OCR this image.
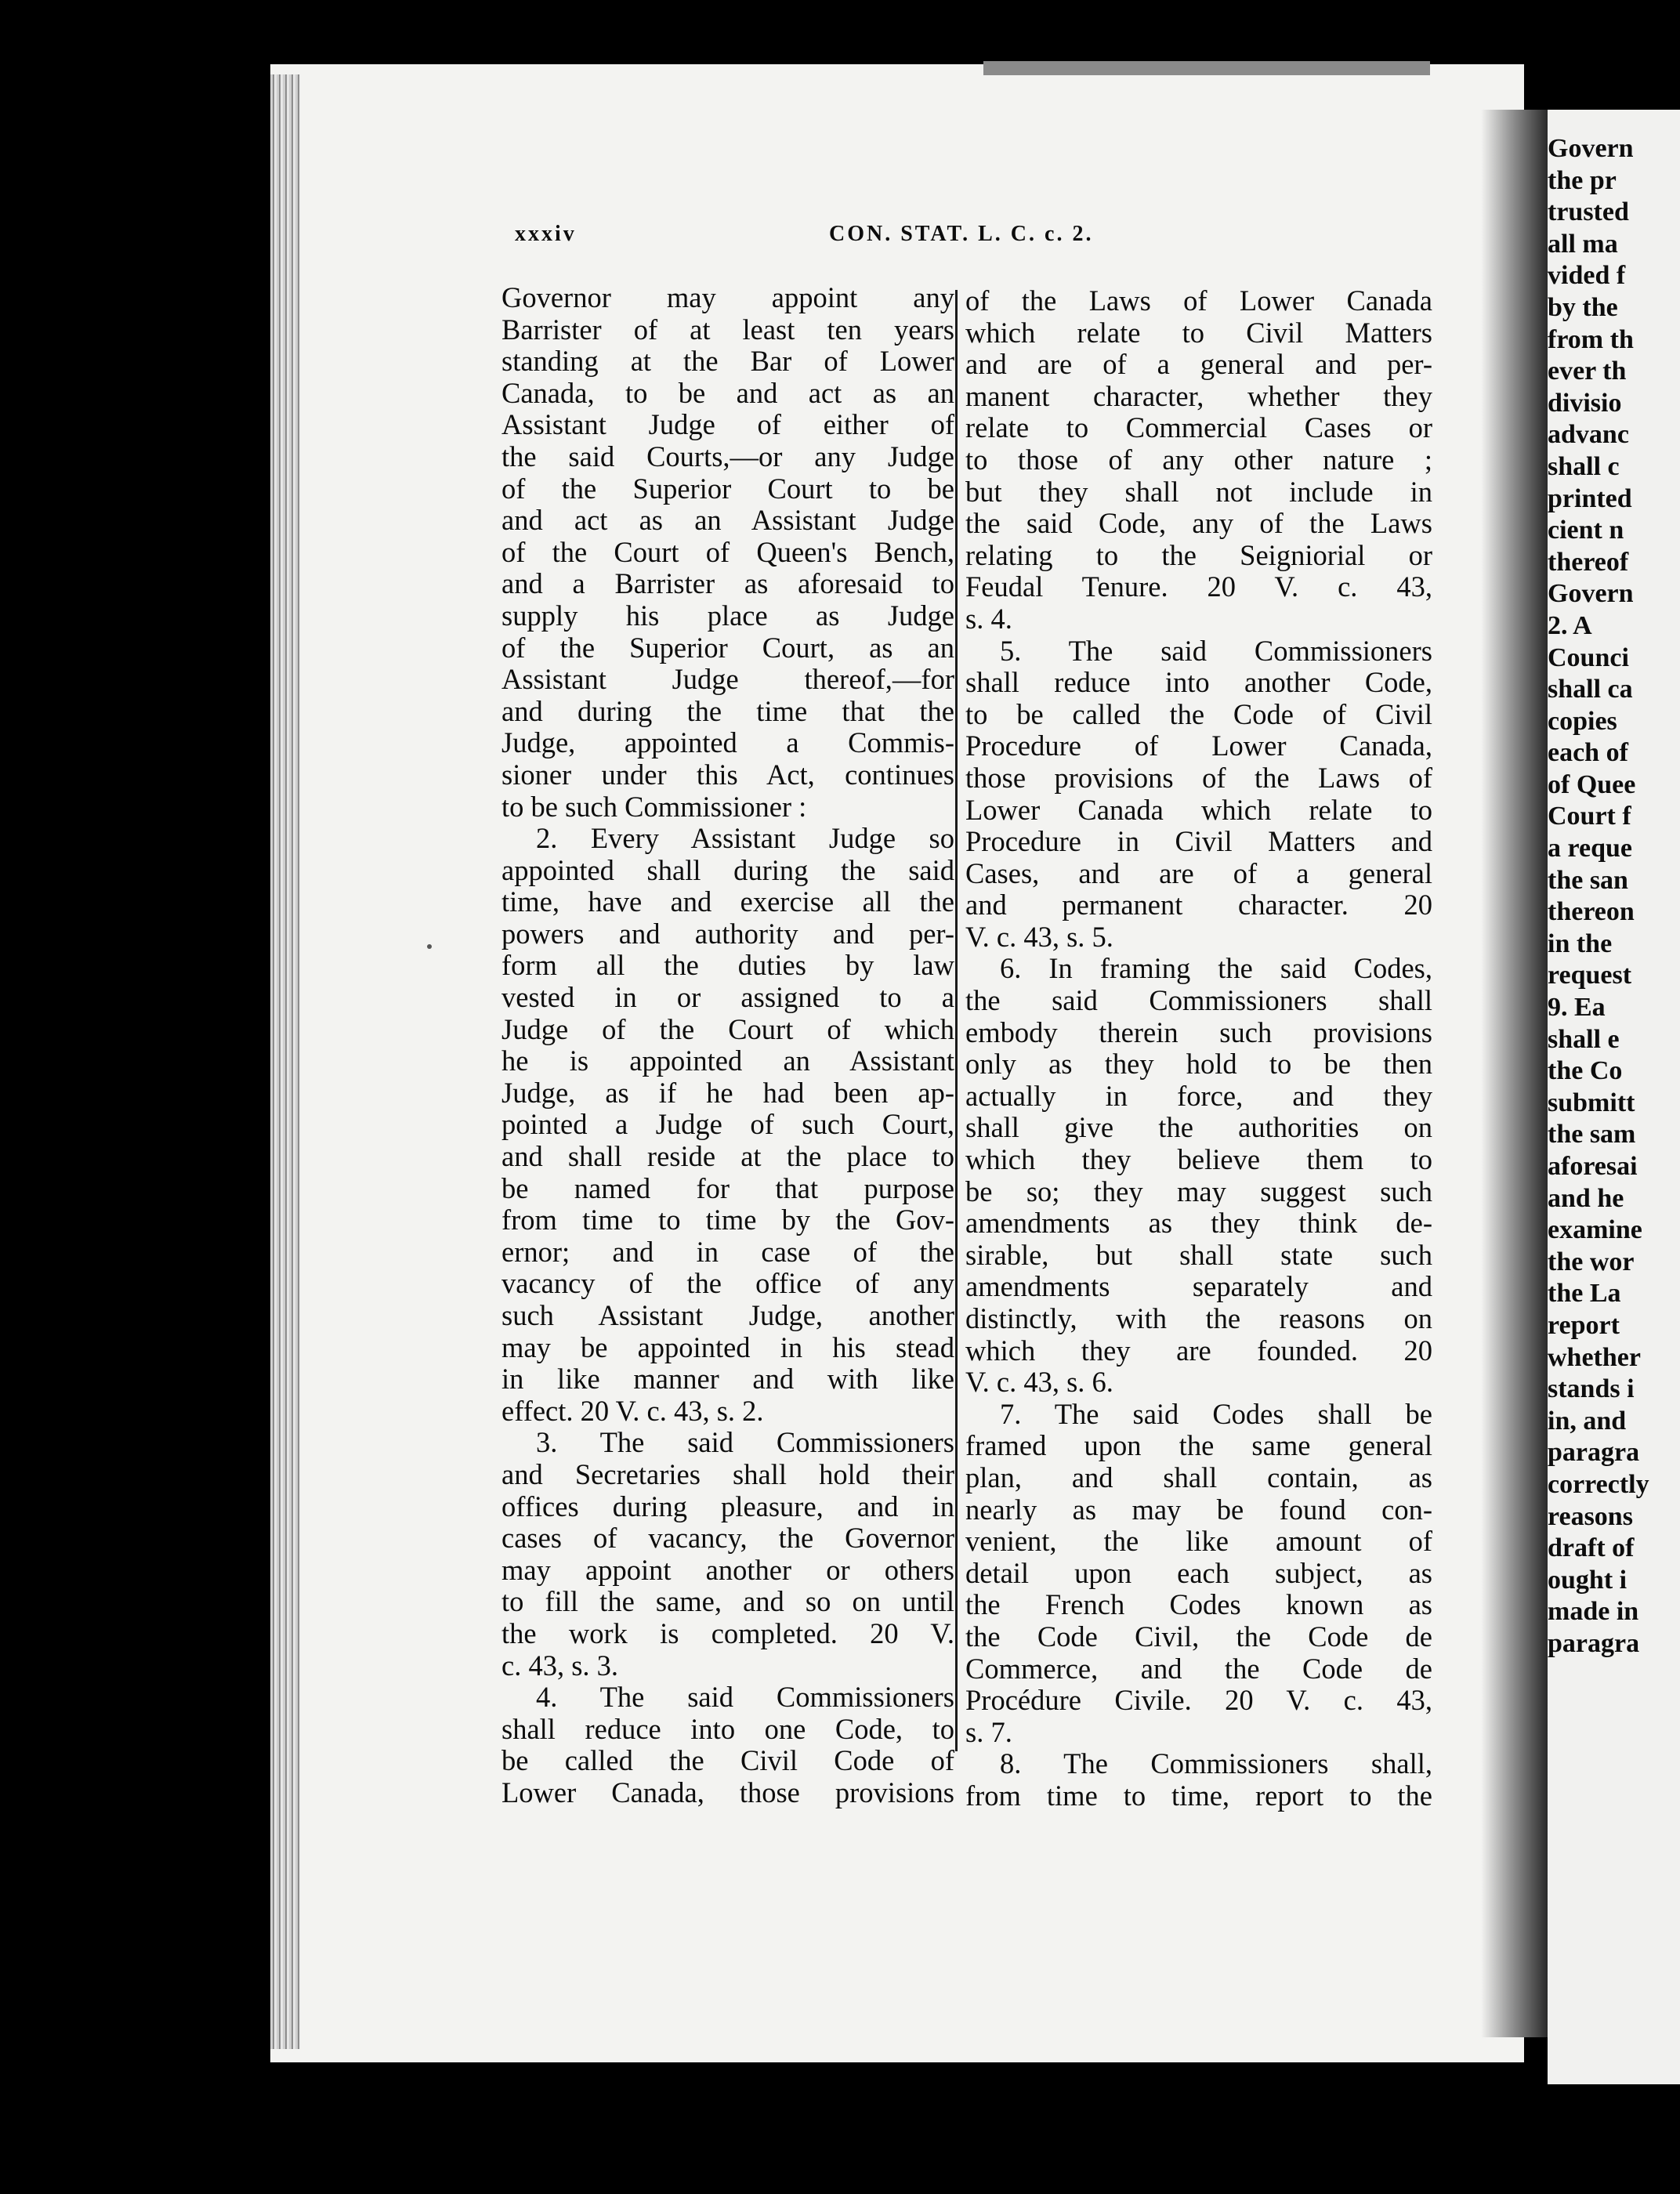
Govern
the pr
trusted
all ma
vided f
by the
from th
ever th
divisio
advanc
shall c
printed
cient n
thereof
Govern
2. A
Counci
shall ca
copies
each of
of Quee
Court f
a reque
the san
thereon
in the
request
9. Ea
shall e
the Co
submitt
the sam
aforesai
and he
examine
the wor
the La
report
whether
stands i
in, and
paragra
correctly
reasons
draft of
ought i
made in
paragra
xxxiv	CON. STAT. L. C. c. 2.
Governor may appoint any
Barrister of at least ten years
standing at the Bar of Lower
Canada, to be and act as an
Assistant Judge of either of
the said Courts,—or any Judge
of the Superior Court to be
and act as an Assistant Judge
of the Court of Queen's Bench,
and a Barrister as aforesaid to
supply his place as Judge
of the Superior Court, as an
Assistant Judge thereof,—for
and during the time that the
Judge, appointed a Commis-
sioner under this Act, continues
to be such Commissioner :
2. Every Assistant Judge so
appointed shall during the said
time, have and exercise all the
powers and authority and per-
form all the duties by law
vested in or assigned to a
Judge of the Court of which
he is appointed an Assistant
Judge, as if he had been ap-
pointed a Judge of such Court,
and shall reside at the place to
be named for that purpose
from time to time by the Gov-
ernor; and in case of the
vacancy of the office of any
such Assistant Judge, another
may be appointed in his stead
in like manner and with like
effect. 20 V. c. 43, s. 2.
3. The said Commissioners
and Secretaries shall hold their
offices during pleasure, and in
cases of vacancy, the Governor
may appoint another or others
to fill the same, and so on until
the work is completed. 20 V.
c. 43, s. 3.
4. The said Commissioners
shall reduce into one Code, to
be called the Civil Code of
Lower Canada, those provisions
of the Laws of Lower Canada
which relate to Civil Matters
and are of a general and per-
manent character, whether they
relate to Commercial Cases or
to those of any other nature ;
but they shall not include in
the said Code, any of the Laws
relating to the Seigniorial or
Feudal Tenure. 20 V. c. 43,
s. 4.
5. The said Commissioners
shall reduce into another Code,
to be called the Code of Civil
Procedure of Lower Canada,
those provisions of the Laws of
Lower Canada which relate to
Procedure in Civil Matters and
Cases, and are of a general
and permanent character. 20
V. c. 43, s. 5.
6. In framing the said Codes,
the said Commissioners shall
embody therein such provisions
only as they hold to be then
actually in force, and they
shall give the authorities on
which they believe them to
be so; they may suggest such
amendments as they think de-
sirable, but shall state such
amendments separately and
distinctly, with the reasons on
which they are founded. 20
V. c. 43, s. 6.
7. The said Codes shall be
framed upon the same general
plan, and shall contain, as
nearly as may be found con-
venient, the like amount of
detail upon each subject, as
the French Codes known as
the Code Civil, the Code de
Commerce, and the Code de
Procédure Civile. 20 V. c. 43,
s. 7.
8. The Commissioners shall,
from time to time, report to the
